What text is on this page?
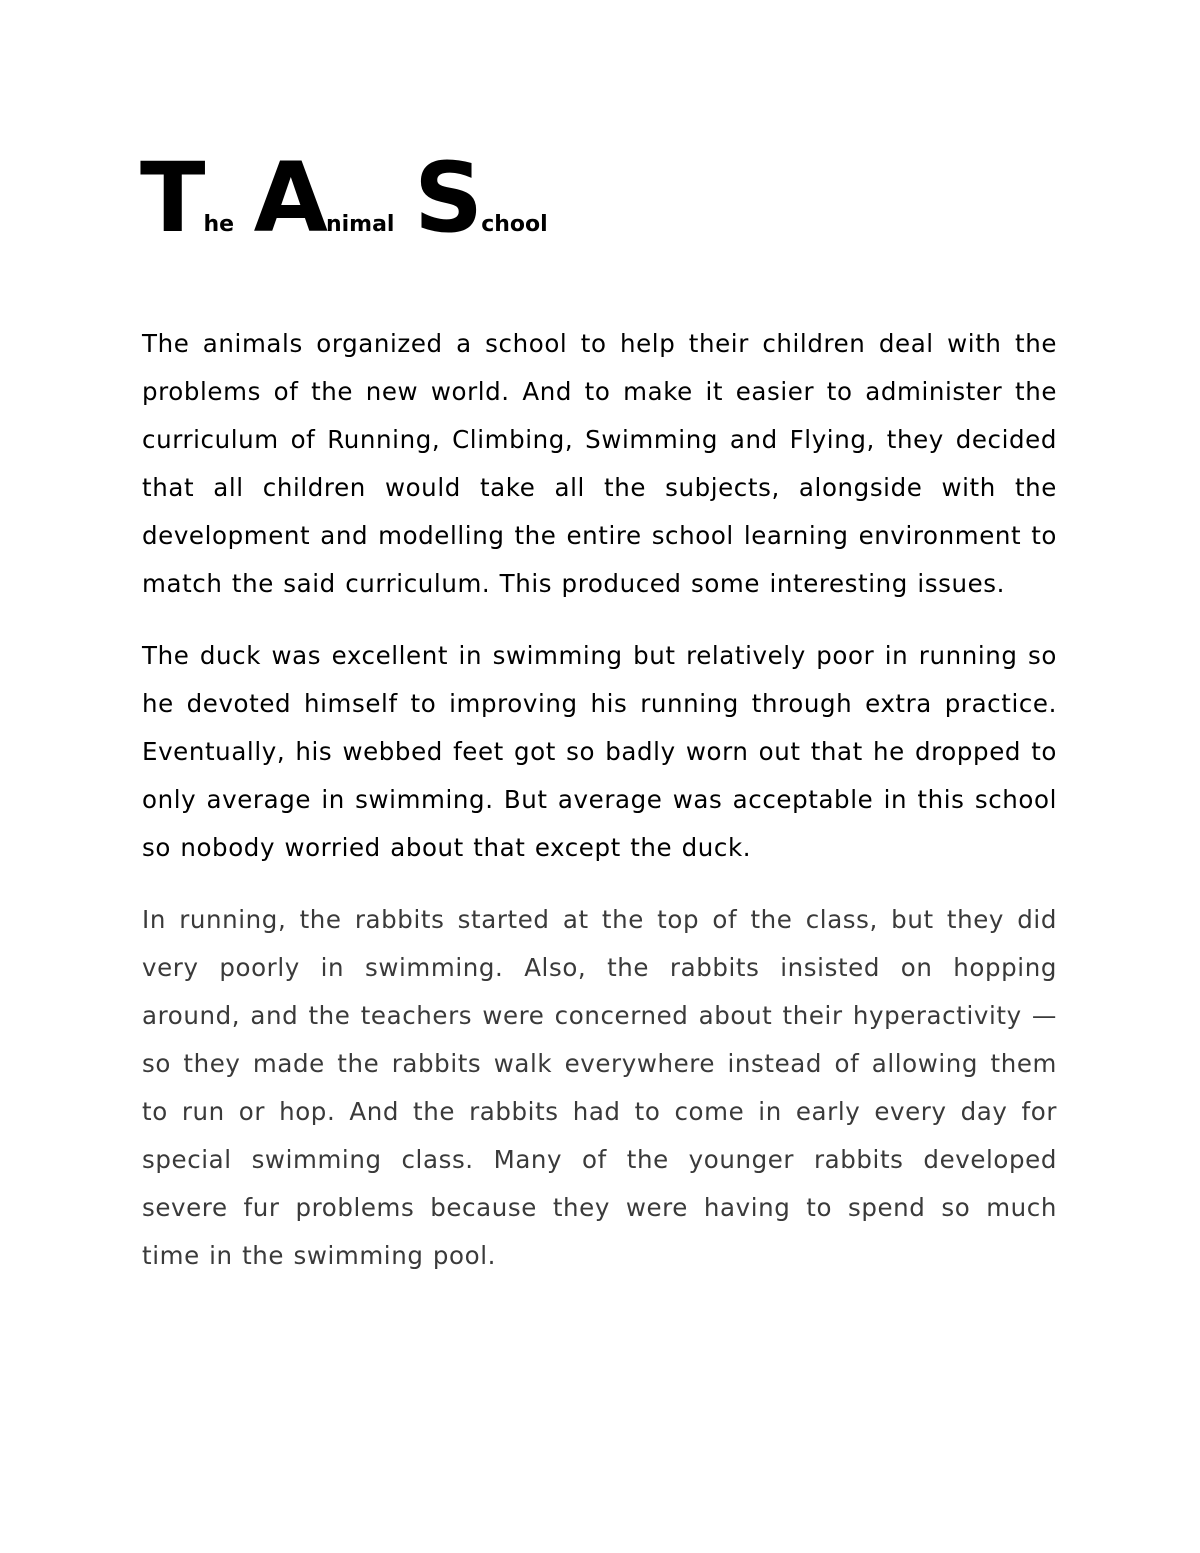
The Animal School

The animals organized a school to help their children deal with the problems of the new world. And to make it easier to administer the curriculum of Running, Climbing, Swimming and Flying, they decided that all children would take all the subjects, alongside with the development and modelling the entire school learning environment to match the said curriculum. This produced some interesting issues.

The duck was excellent in swimming but relatively poor in running so he devoted himself to improving his running through extra practice. Eventually, his webbed feet got so badly worn out that he dropped to only average in swimming. But average was acceptable in this school so nobody worried about that except the duck.

In running, the rabbits started at the top of the class, but they did very poorly in swimming. Also, the rabbits insisted on hopping around, and the teachers were concerned about their hyperactivity — so they made the rabbits walk everywhere instead of allowing them to run or hop. And the rabbits had to come in early every day for special swimming class. Many of the younger rabbits developed severe fur problems because they were having to spend so much time in the swimming pool.
